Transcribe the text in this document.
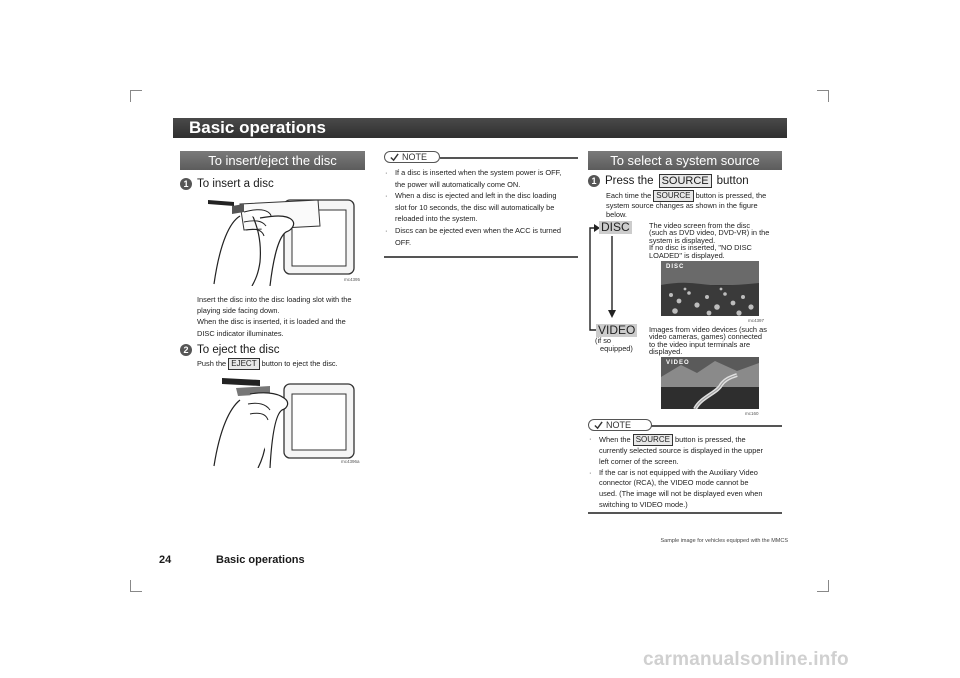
Basic operations
To insert/eject the disc
1 To insert a disc
mc4395
Insert the disc into the disc loading slot with the
playing side facing down.
When the disc is inserted, it is loaded and the
DISC indicator illuminates.
2 To eject the disc
Push the EJECT button to eject the disc.
mc4396a
NOTE
· If a disc is inserted when the system power is OFF,
the power will automatically come ON.
· When a disc is ejected and left in the disc loading
slot for 10 seconds, the disc will automatically be
reloaded into the system.
· Discs can be ejected even when the ACC is turned
OFF.
To select a system source
1 Press the SOURCE button
Each time the SOURCE button is pressed, the
system source changes as shown in the figure
below.
DISC
VIDEO
(if so
equipped)
The video screen from the disc
(such as DVD video, DVD-VR) in the
system is displayed.
If no disc is inserted, "NO DISC
LOADED" is displayed.
DISC
mc4397
Images from video devices (such as
video cameras, games) connected
to the video input terminals are
displayed.
VIDEO
mc160
NOTE
· When the SOURCE button is pressed, the
currently selected source is displayed in the upper
left corner of the screen.
· If the car is not equipped with the Auxiliary Video
connector (RCA), the VIDEO mode cannot be
used. (The image will not be displayed even when
switching to VIDEO mode.)
Sample image for vehicles equipped with the MMCS
24	Basic operations
carmanualsonline.info
